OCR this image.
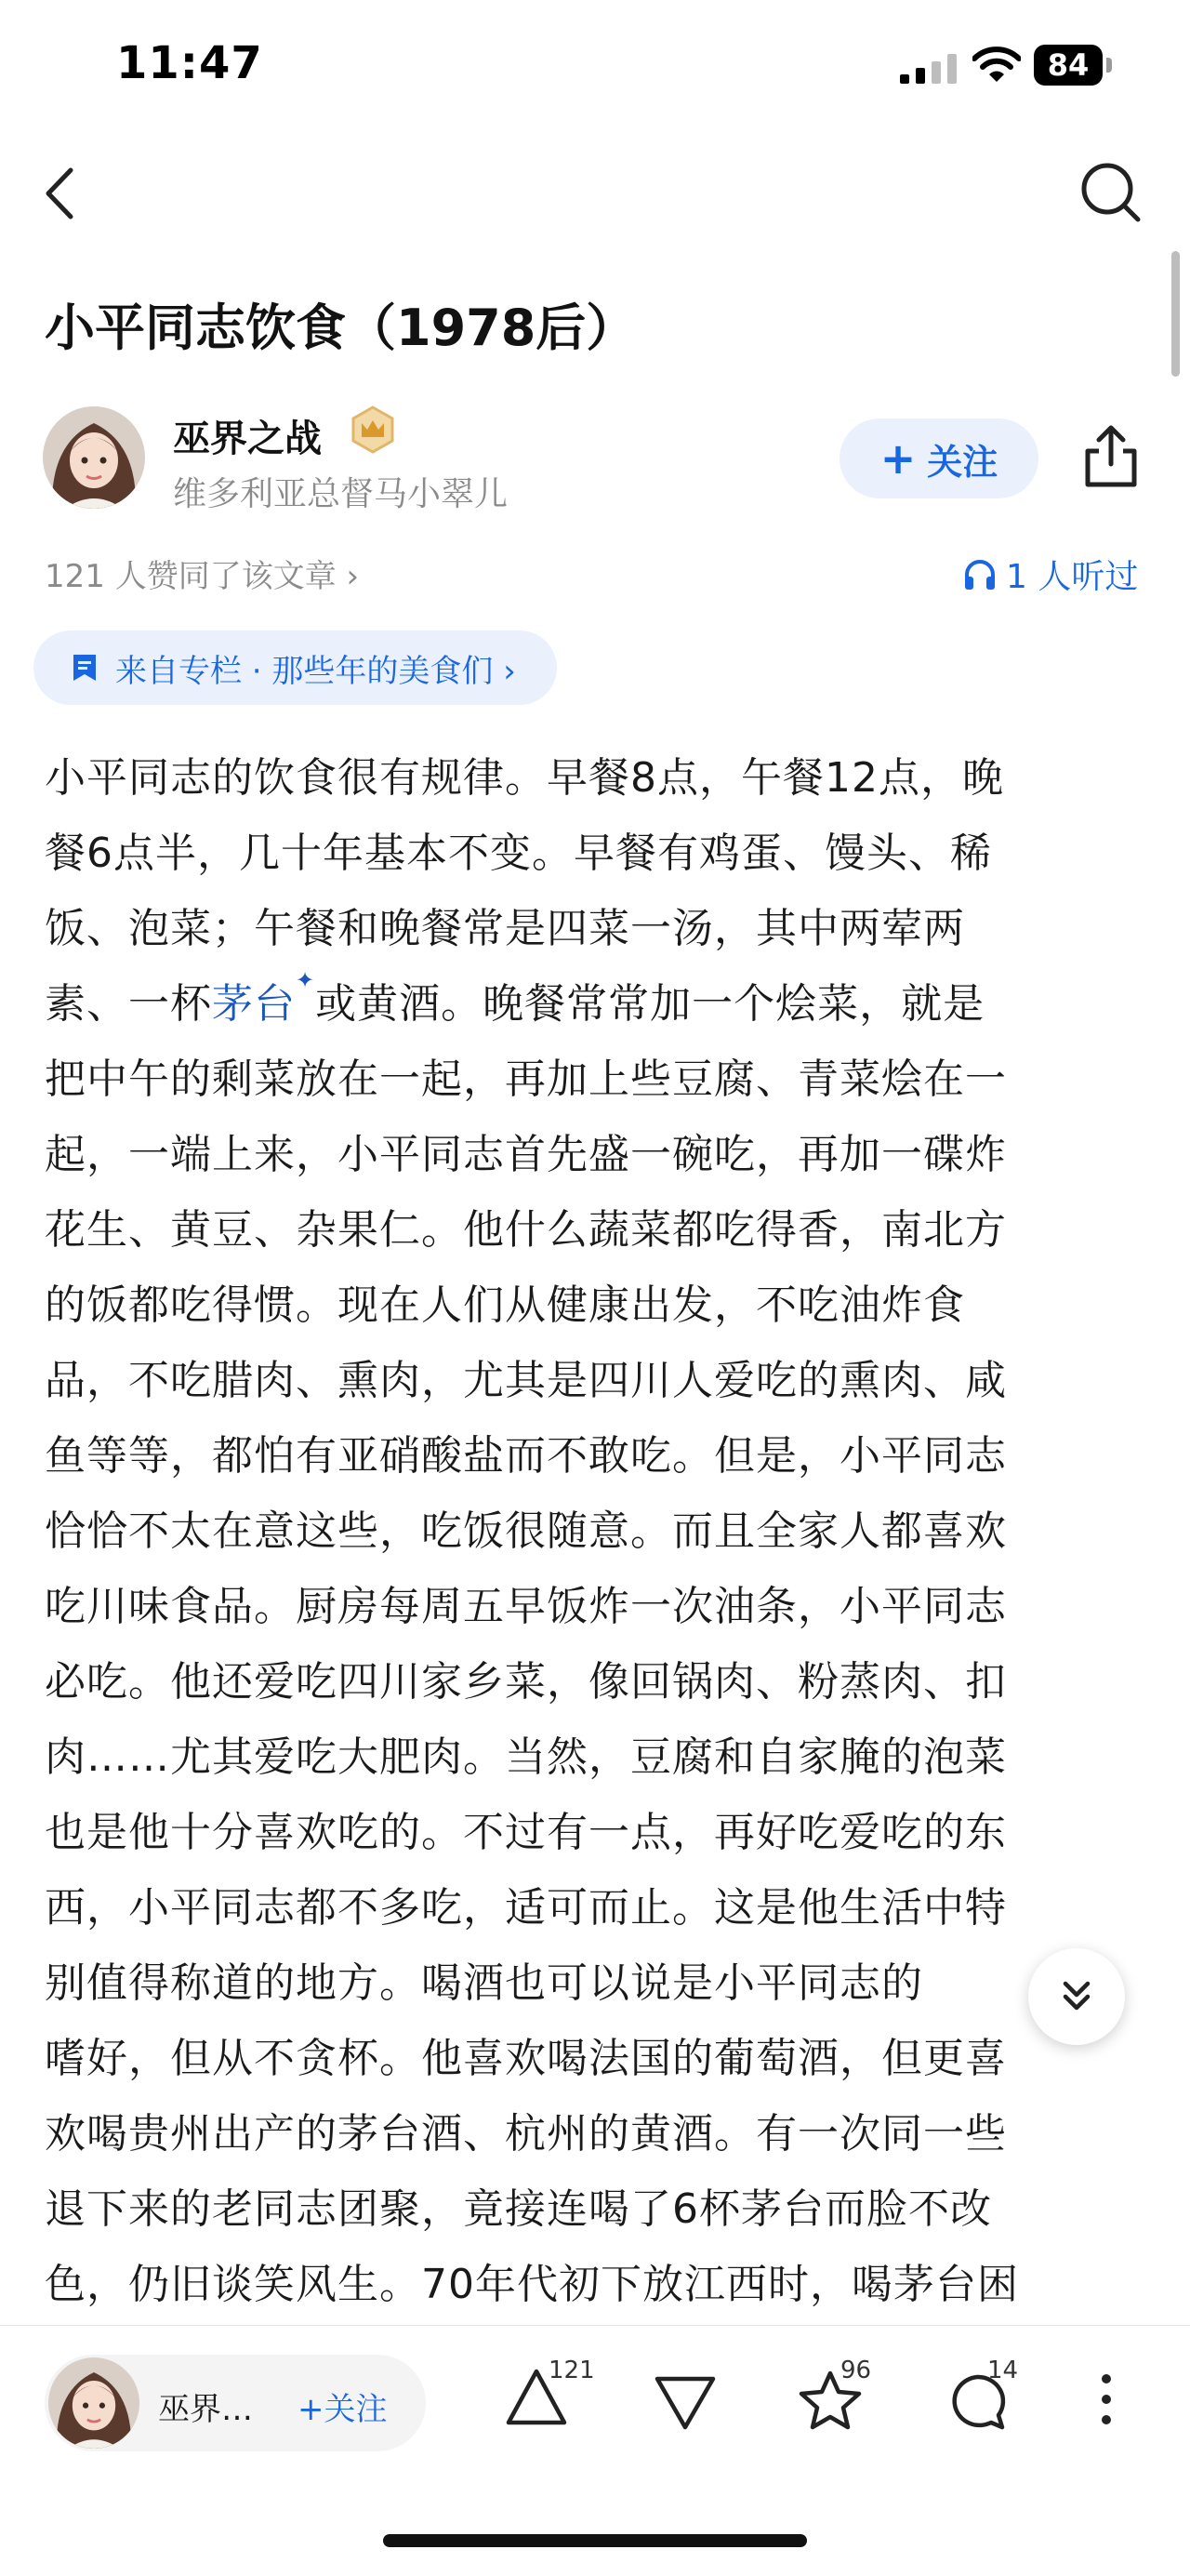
11:47	84
小平同志饮食（1978后）
巫界之战
维多利亚总督马小翠儿
+ 关注
121 人赞同了该文章 ›	1 人听过
来自专栏 · 那些年的美食们 ›
小平同志的饮食很有规律。早餐8点，午餐12点，晚
餐6点半，几十年基本不变。早餐有鸡蛋、馒头、稀
饭、泡菜；午餐和晚餐常是四菜一汤，其中两荤两
素、一杯茅台✦或黄酒。晚餐常常加一个烩菜，就是
把中午的剩菜放在一起，再加上些豆腐、青菜烩在一
起，一端上来，小平同志首先盛一碗吃，再加一碟炸
花生、黄豆、杂果仁。他什么蔬菜都吃得香，南北方
的饭都吃得惯。现在人们从健康出发，不吃油炸食
品，不吃腊肉、熏肉，尤其是四川人爱吃的熏肉、咸
鱼等等，都怕有亚硝酸盐而不敢吃。但是，小平同志
恰恰不太在意这些，吃饭很随意。而且全家人都喜欢
吃川味食品。厨房每周五早饭炸一次油条，小平同志
必吃。他还爱吃四川家乡菜，像回锅肉、粉蒸肉、扣
肉……尤其爱吃大肥肉。当然，豆腐和自家腌的泡菜
也是他十分喜欢吃的。不过有一点，再好吃爱吃的东
西，小平同志都不多吃，适可而止。这是他生活中特
别值得称道的地方。喝酒也可以说是小平同志的
嗜好，但从不贪杯。他喜欢喝法国的葡萄酒，但更喜
欢喝贵州出产的茅台酒、杭州的黄酒。有一次同一些
退下来的老同志团聚，竟接连喝了6杯茅台而脸不改
色，仍旧谈笑风生。70年代初下放江西时，喝茅台困
巫界… +关注
121	96	14
